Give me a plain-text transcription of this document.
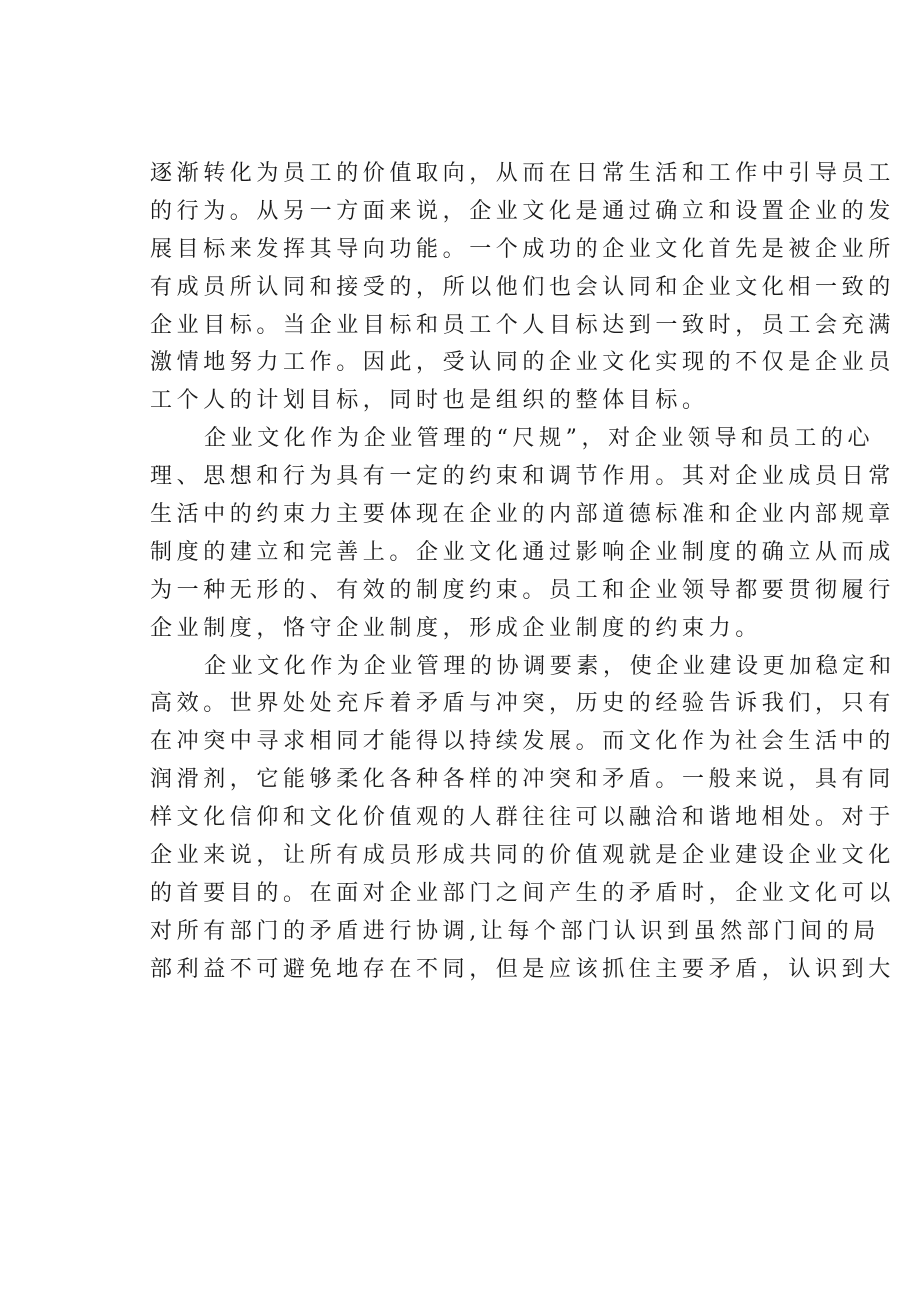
逐渐转化为员工的价值取向，从而在日常生活和工作中引导员工
的行为。从另一方面来说，企业文化是通过确立和设置企业的发
展目标来发挥其导向功能。一个成功的企业文化首先是被企业所
有成员所认同和接受的，所以他们也会认同和企业文化相一致的
企业目标。当企业目标和员工个人目标达到一致时，员工会充满
激情地努力工作。因此，受认同的企业文化实现的不仅是企业员
工个人的计划目标，同时也是组织的整体目标。
企业文化作为企业管理的“尺规”，对企业领导和员工的心
理、思想和行为具有一定的约束和调节作用。其对企业成员日常
生活中的约束力主要体现在企业的内部道德标准和企业内部规章
制度的建立和完善上。企业文化通过影响企业制度的确立从而成
为一种无形的、有效的制度约束。员工和企业领导都要贯彻履行
企业制度，恪守企业制度，形成企业制度的约束力。
企业文化作为企业管理的协调要素，使企业建设更加稳定和
高效。世界处处充斥着矛盾与冲突，历史的经验告诉我们，只有
在冲突中寻求相同才能得以持续发展。而文化作为社会生活中的
润滑剂，它能够柔化各种各样的冲突和矛盾。一般来说，具有同
样文化信仰和文化价值观的人群往往可以融洽和谐地相处。对于
企业来说，让所有成员形成共同的价值观就是企业建设企业文化
的首要目的。在面对企业部门之间产生的矛盾时，企业文化可以
对所有部门的矛盾进行协调,让每个部门认识到虽然部门间的局
部利益不可避免地存在不同，但是应该抓住主要矛盾，认识到大
